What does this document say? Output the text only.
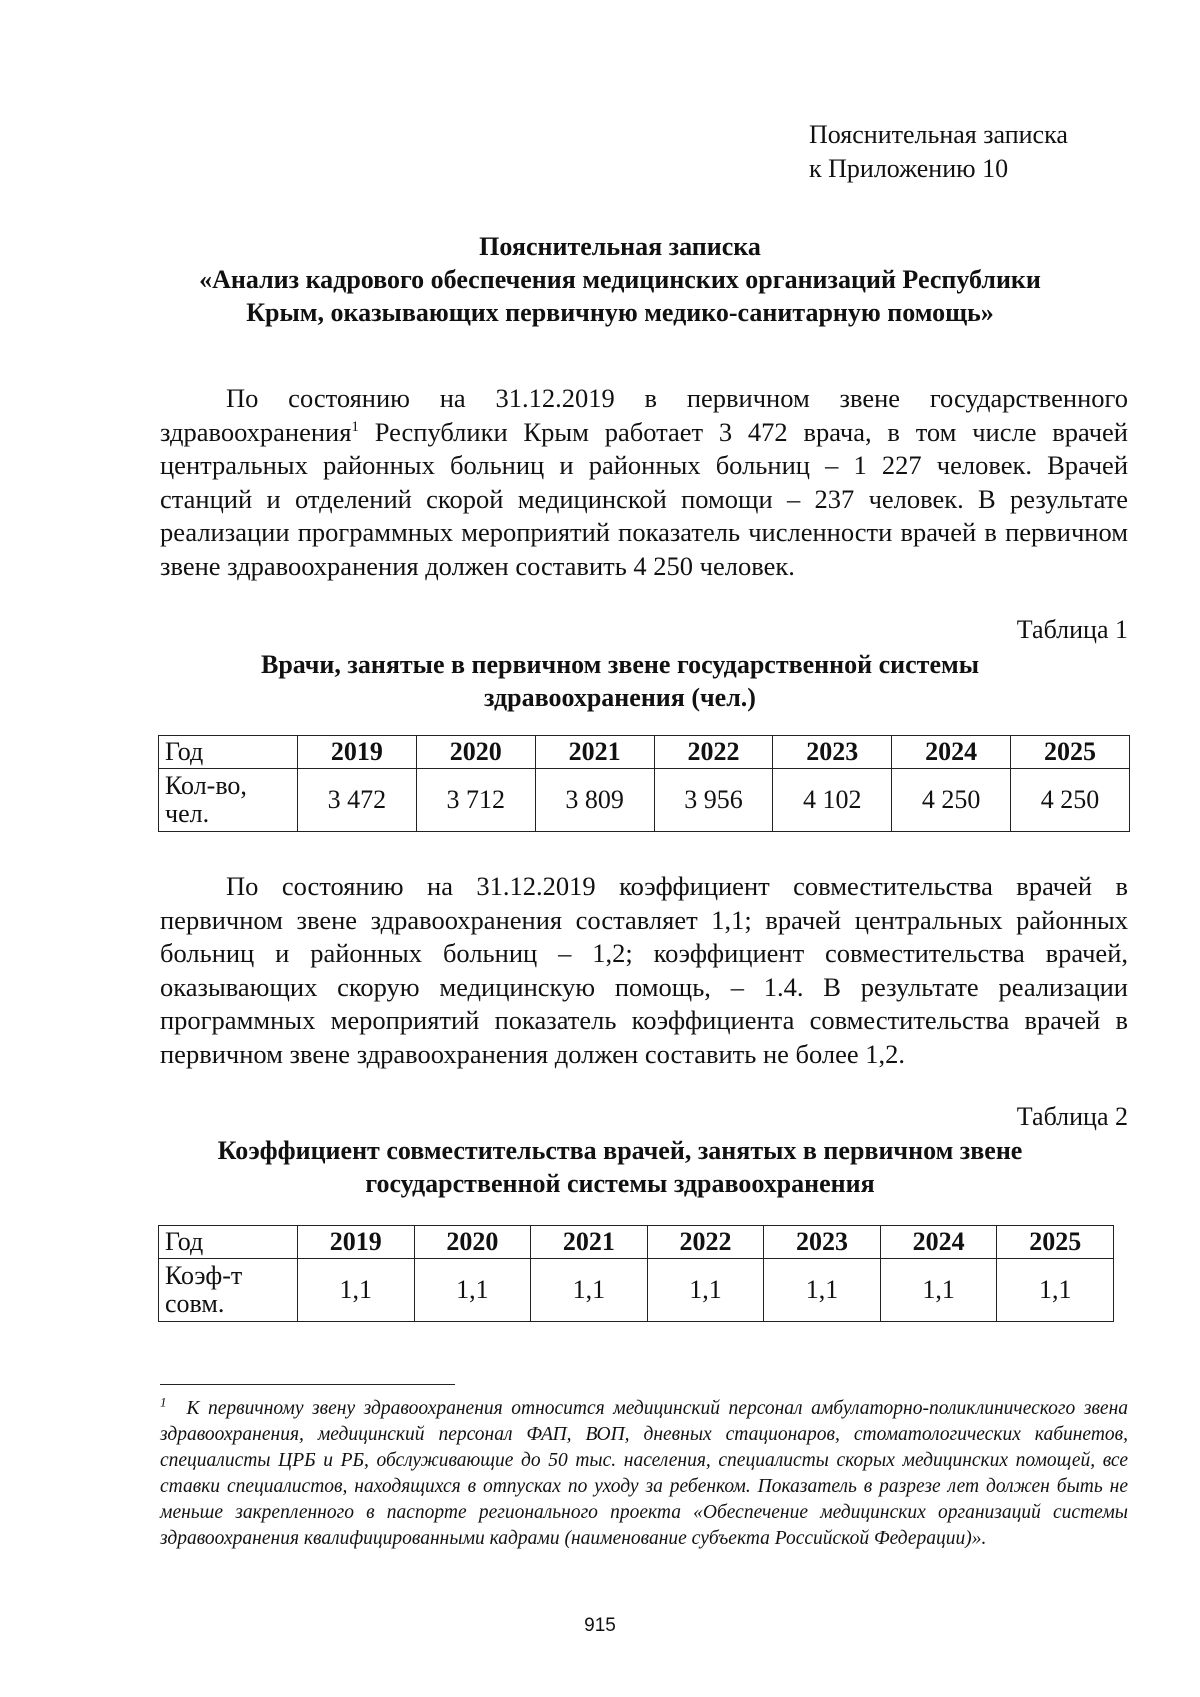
Пояснительная записка
к Приложению 10
Пояснительная записка
«Анализ кадрового обеспечения медицинских организаций Республики
Крым, оказывающих первичную медико-санитарную помощь»

По состоянию на 31.12.2019 в первичном звене государственного здравоохранения$^1$ Республики Крым работает 3 472 врача, в том числе врачей центральных районных больниц и районных больниц – 1 227 человек. Врачей станций и отделений скорой медицинской помощи – 237 человек. В результате реализации программных мероприятий показатель численности врачей в первичном звене здравоохранения должен составить 4 250 человек.

Таблица 1
Врачи, занятые в первичном звене государственной системы
здравоохранения (чел.)
Год	2019	2020	2021	2022	2023	2024	2025
Кол-во, чел.	3 472	3 712	3 809	3 956	4 102	4 250	4 250

По состоянию на 31.12.2019 коэффициент совместительства врачей в первичном звене здравоохранения составляет 1,1; врачей центральных районных больниц и районных больниц – 1,2; коэффициент совместительства врачей, оказывающих скорую медицинскую помощь, – 1.4. В результате реализации программных мероприятий показатель коэффициента совместительства врачей в первичном звене здравоохранения должен составить не более 1,2.

Таблица 2
Коэффициент совместительства врачей, занятых в первичном звене
государственной системы здравоохранения
Год	2019	2020	2021	2022	2023	2024	2025
Коэф-т совм.	1,1	1,1	1,1	1,1	1,1	1,1	1,1
$^1$ К первичному звену здравоохранения относится медицинский персонал амбулаторно-поликлинического звена здравоохранения, медицинский персонал ФАП, ВОП, дневных стационаров, стоматологических кабинетов, специалисты ЦРБ и РБ, обслуживающие до 50 тыс. населения, специалисты скорых медицинских помощей, все ставки специалистов, находящихся в отпусках по уходу за ребенком. Показатель в разрезе лет должен быть не меньше закрепленного в паспорте регионального проекта «Обеспечение медицинских организаций системы здравоохранения квалифицированными кадрами (наименование субъекта Российской Федерации)».
915
